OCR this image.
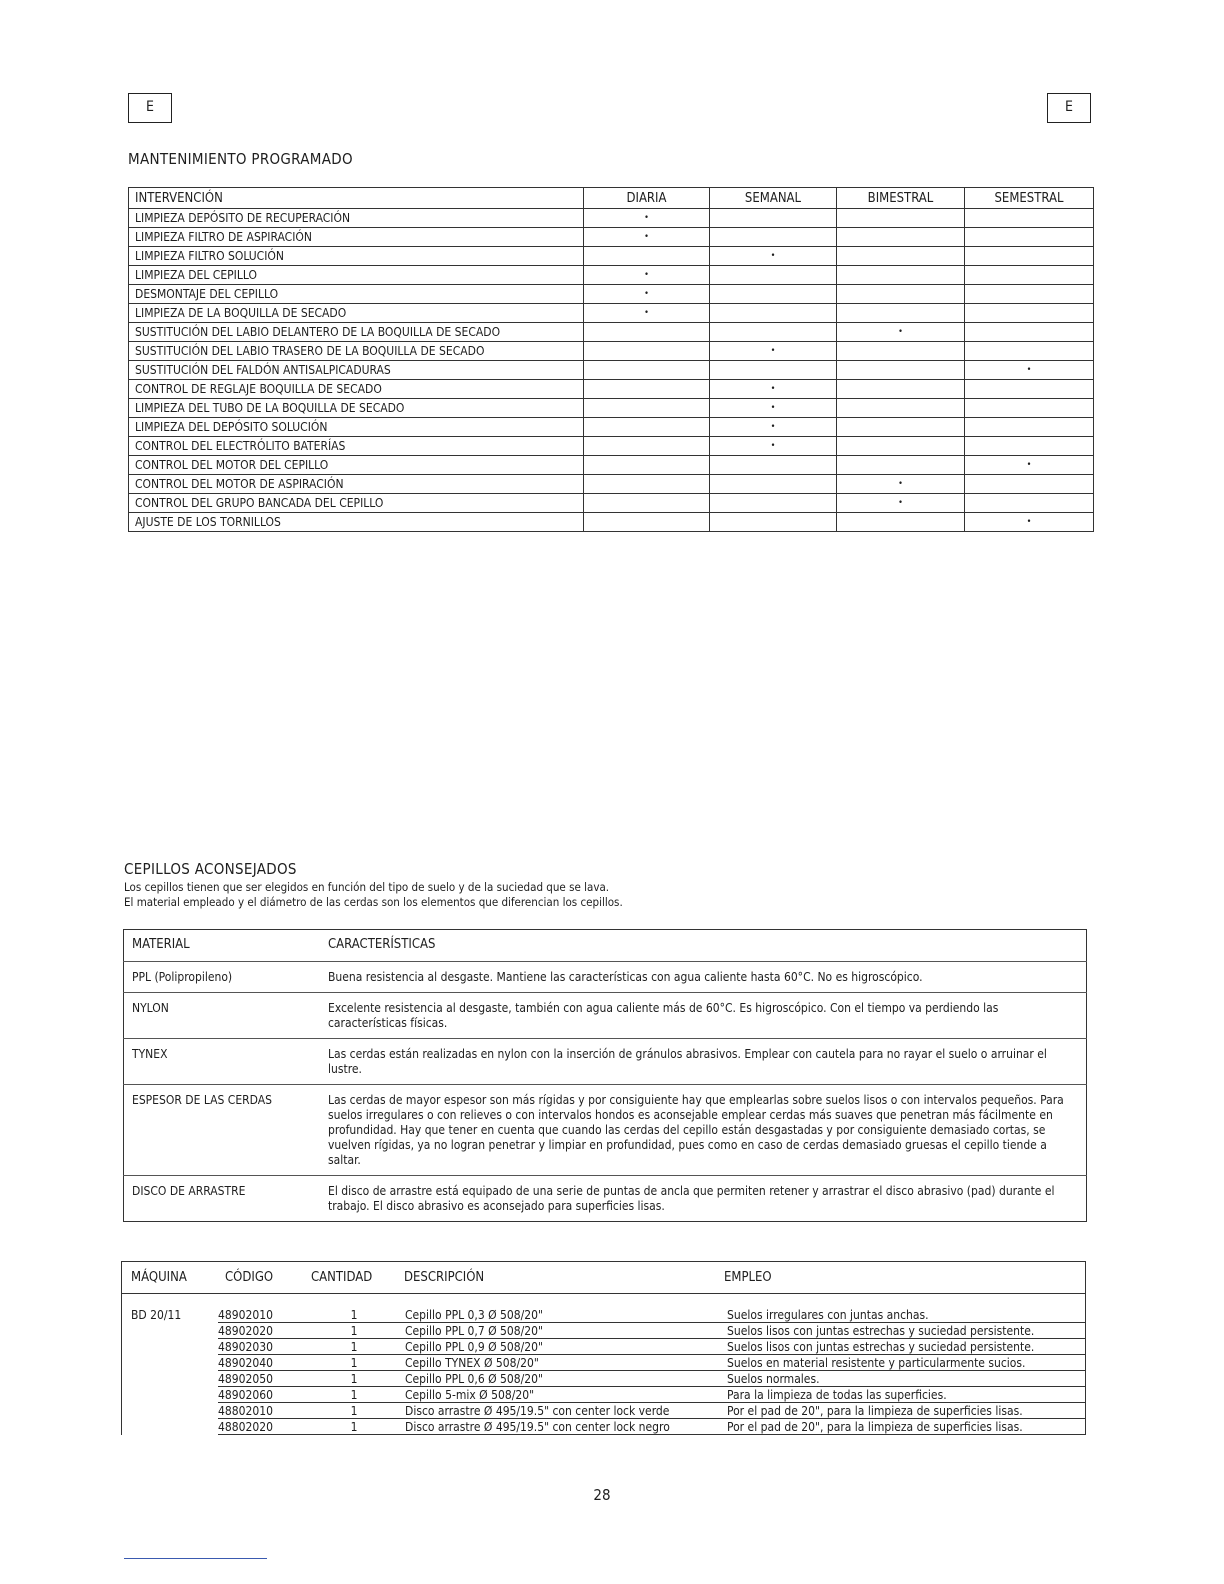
E	E
MANTENIMIENTO PROGRAMADO
INTERVENCIÓN	DIARIA	SEMANAL	BIMESTRAL	SEMESTRAL
LIMPIEZA DEPÓSITO DE RECUPERACIÓN	•			
LIMPIEZA FILTRO DE ASPIRACIÓN	•			
LIMPIEZA FILTRO SOLUCIÓN		•		
LIMPIEZA DEL CEPILLO	•			
DESMONTAJE DEL CEPILLO	•			
LIMPIEZA DE LA BOQUILLA DE SECADO	•			
SUSTITUCIÓN DEL LABIO DELANTERO DE LA BOQUILLA DE SECADO			•	
SUSTITUCIÓN DEL LABIO TRASERO DE LA BOQUILLA DE SECADO		•		
SUSTITUCIÓN DEL FALDÓN ANTISALPICADURAS				•
CONTROL DE REGLAJE BOQUILLA DE SECADO		•		
LIMPIEZA DEL TUBO DE LA BOQUILLA DE SECADO		•		
LIMPIEZA DEL DEPÓSITO SOLUCIÓN		•		
CONTROL DEL ELECTRÓLITO BATERÍAS		•		
CONTROL DEL MOTOR DEL CEPILLO				•
CONTROL DEL MOTOR DE ASPIRACIÓN			•	
CONTROL DEL GRUPO BANCADA DEL CEPILLO			•	
AJUSTE DE LOS TORNILLOS				•
CEPILLOS ACONSEJADOS
Los cepillos tienen que ser elegidos en función del tipo de suelo y de la suciedad que se lava.
El material empleado y el diámetro de las cerdas son los elementos que diferencian los cepillos.
MATERIAL	CARACTERÍSTICAS
PPL (Polipropileno)	Buena resistencia al desgaste. Mantiene las características con agua caliente hasta 60°C. No es higroscópico.
NYLON	Excelente resistencia al desgaste, también con agua caliente más de 60°C. Es higroscópico. Con el tiempo va perdiendo las características físicas.
TYNEX	Las cerdas están realizadas en nylon con la inserción de gránulos abrasivos. Emplear con cautela para no rayar el suelo o arruinar el lustre.
ESPESOR DE LAS CERDAS	Las cerdas de mayor espesor son más rígidas y por consiguiente hay que emplearlas sobre suelos lisos o con intervalos pequeños. Para suelos irregulares o con relieves o con intervalos hondos es aconsejable emplear cerdas más suaves que penetran más fácilmente en profundidad. Hay que tener en cuenta que cuando las cerdas del cepillo están desgastadas y por consiguiente demasiado cortas, se vuelven rígidas, ya no logran penetrar y limpiar en profundidad, pues como en caso de cerdas demasiado gruesas el cepillo tiende a saltar.
DISCO DE ARRASTRE	El disco de arrastre está equipado de una serie de puntas de ancla que permiten retener y arrastrar el disco abrasivo (pad) durante el trabajo. El disco abrasivo es aconsejado para superficies lisas.
MÁQUINA	CÓDIGO	CANTIDAD	DESCRIPCIÓN	EMPLEO

BD 20/11	48902010	1	Cepillo PPL 0,3 Ø 508/20"	Suelos irregulares con juntas anchas.
	48902020	1	Cepillo PPL 0,7 Ø 508/20"	Suelos lisos con juntas estrechas y suciedad persistente.
	48902030	1	Cepillo PPL 0,9 Ø 508/20"	Suelos lisos con juntas estrechas y suciedad persistente.
	48902040	1	Cepillo TYNEX Ø 508/20"	Suelos en material resistente y particularmente sucios.
	48902050	1	Cepillo PPL 0,6 Ø 508/20"	Suelos normales.
	48902060	1	Cepillo 5-mix Ø 508/20"	Para la limpieza de todas las superficies.
	48802010	1	Disco arrastre Ø 495/19.5" con center lock verde	Por el pad de 20", para la limpieza de superficies lisas.
	48802020	1	Disco arrastre Ø 495/19.5" con center lock negro	Por el pad de 20", para la limpieza de superficies lisas.
28
